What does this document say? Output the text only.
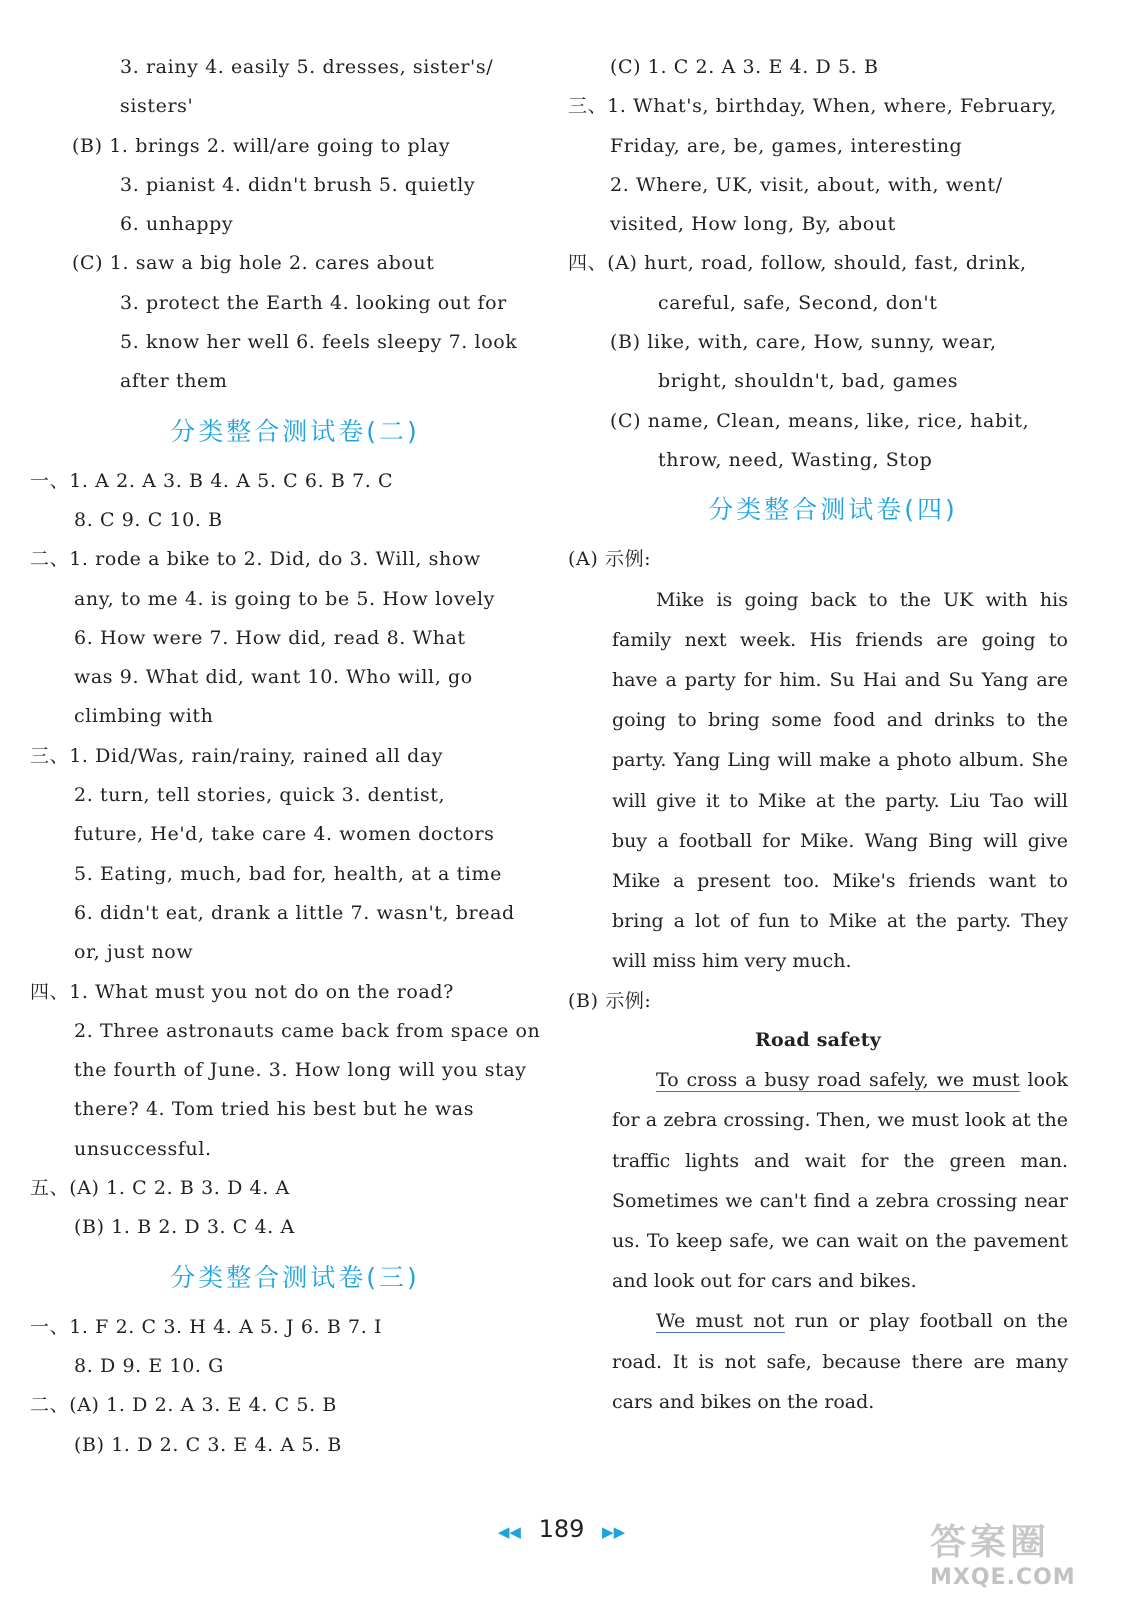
3. rainy 4. easily 5. dresses, sister's/
sisters'
(B) 1. brings 2. will/are going to play
3. pianist 4. didn't brush 5. quietly
6. unhappy
(C) 1. saw a big hole 2. cares about
3. protect the Earth 4. looking out for
5. know her well 6. feels sleepy 7. look
after them
分类整合测试卷(二)
一、1. A 2. A 3. B 4. A 5. C 6. B 7. C
8. C 9. C 10. B
二、1. rode a bike to 2. Did, do 3. Will, show
any, to me 4. is going to be 5. How lovely
6. How were 7. How did, read 8. What
was 9. What did, want 10. Who will, go
climbing with
三、1. Did/Was, rain/rainy, rained all day
2. turn, tell stories, quick 3. dentist,
future, He'd, take care 4. women doctors
5. Eating, much, bad for, health, at a time
6. didn't eat, drank a little 7. wasn't, bread
or, just now
四、1. What must you not do on the road?
2. Three astronauts came back from space on
the fourth of June. 3. How long will you stay
there? 4. Tom tried his best but he was
unsuccessful.
五、(A) 1. C 2. B 3. D 4. A
(B) 1. B 2. D 3. C 4. A
分类整合测试卷(三)
一、1. F 2. C 3. H 4. A 5. J 6. B 7. I
8. D 9. E 10. G
二、(A) 1. D 2. A 3. E 4. C 5. B
(B) 1. D 2. C 3. E 4. A 5. B
(C) 1. C 2. A 3. E 4. D 5. B
三、1. What's, birthday, When, where, February,
Friday, are, be, games, interesting
2. Where, UK, visit, about, with, went/
visited, How long, By, about
四、(A) hurt, road, follow, should, fast, drink,
careful, safe, Second, don't
(B) like, with, care, How, sunny, wear,
bright, shouldn't, bad, games
(C) name, Clean, means, like, rice, habit,
throw, need, Wasting, Stop
分类整合测试卷(四)
(A) 示例:
Mike is going back to the UK with his family next week. His friends are going to have a party for him. Su Hai and Su Yang are going to bring some food and drinks to the party. Yang Ling will make a photo album. She will give it to Mike at the party. Liu Tao will buy a football for Mike. Wang Bing will give Mike a present too. Mike's friends want to bring a lot of fun to Mike at the party. They will miss him very much.
(B) 示例:
Road safety
To cross a busy road safely, we must look for a zebra crossing. Then, we must look at the traffic lights and wait for the green man. Sometimes we can't find a zebra crossing near us. To keep safe, we can wait on the pavement and look out for cars and bikes.
We must not run or play football on the road. It is not safe, because there are many cars and bikes on the road.
◀◀ 189 ▶▶	答案圈
MXQE.COM
